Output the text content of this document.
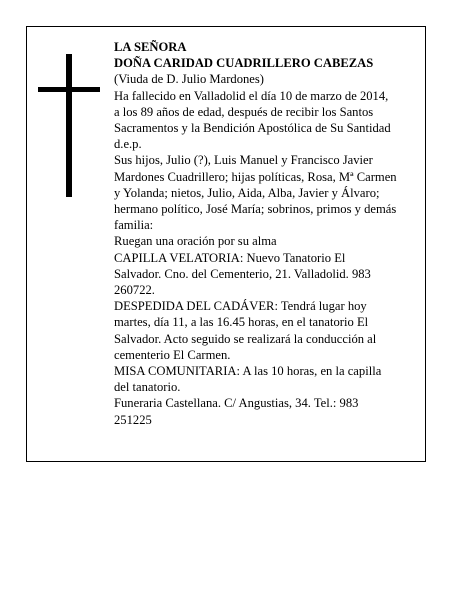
LA SEÑORA
DOÑA CARIDAD CUADRILLERO CABEZAS
(Viuda de D. Julio Mardones)
Ha fallecido en Valladolid el día 10 de marzo de 2014,
a los 89 años de edad, después de recibir los Santos
Sacramentos y la Bendición Apostólica de Su Santidad
d.e.p.
Sus hijos, Julio (?), Luis Manuel y Francisco Javier
Mardones Cuadrillero; hijas políticas, Rosa, Mª Carmen
y Yolanda; nietos, Julio, Aida, Alba, Javier y Álvaro;
hermano político, José María; sobrinos, primos y demás
familia:
Ruegan una oración por su alma
CAPILLA VELATORIA: Nuevo Tanatorio El
Salvador. Cno. del Cementerio, 21. Valladolid. 983
260722.
DESPEDIDA DEL CADÁVER: Tendrá lugar hoy
martes, día 11, a las 16.45 horas, en el tanatorio El
Salvador. Acto seguido se realizará la conducción al
cementerio El Carmen.
MISA COMUNITARIA: A las 10 horas, en la capilla
del tanatorio.
Funeraria Castellana. C/ Angustias, 34. Tel.: 983
251225
